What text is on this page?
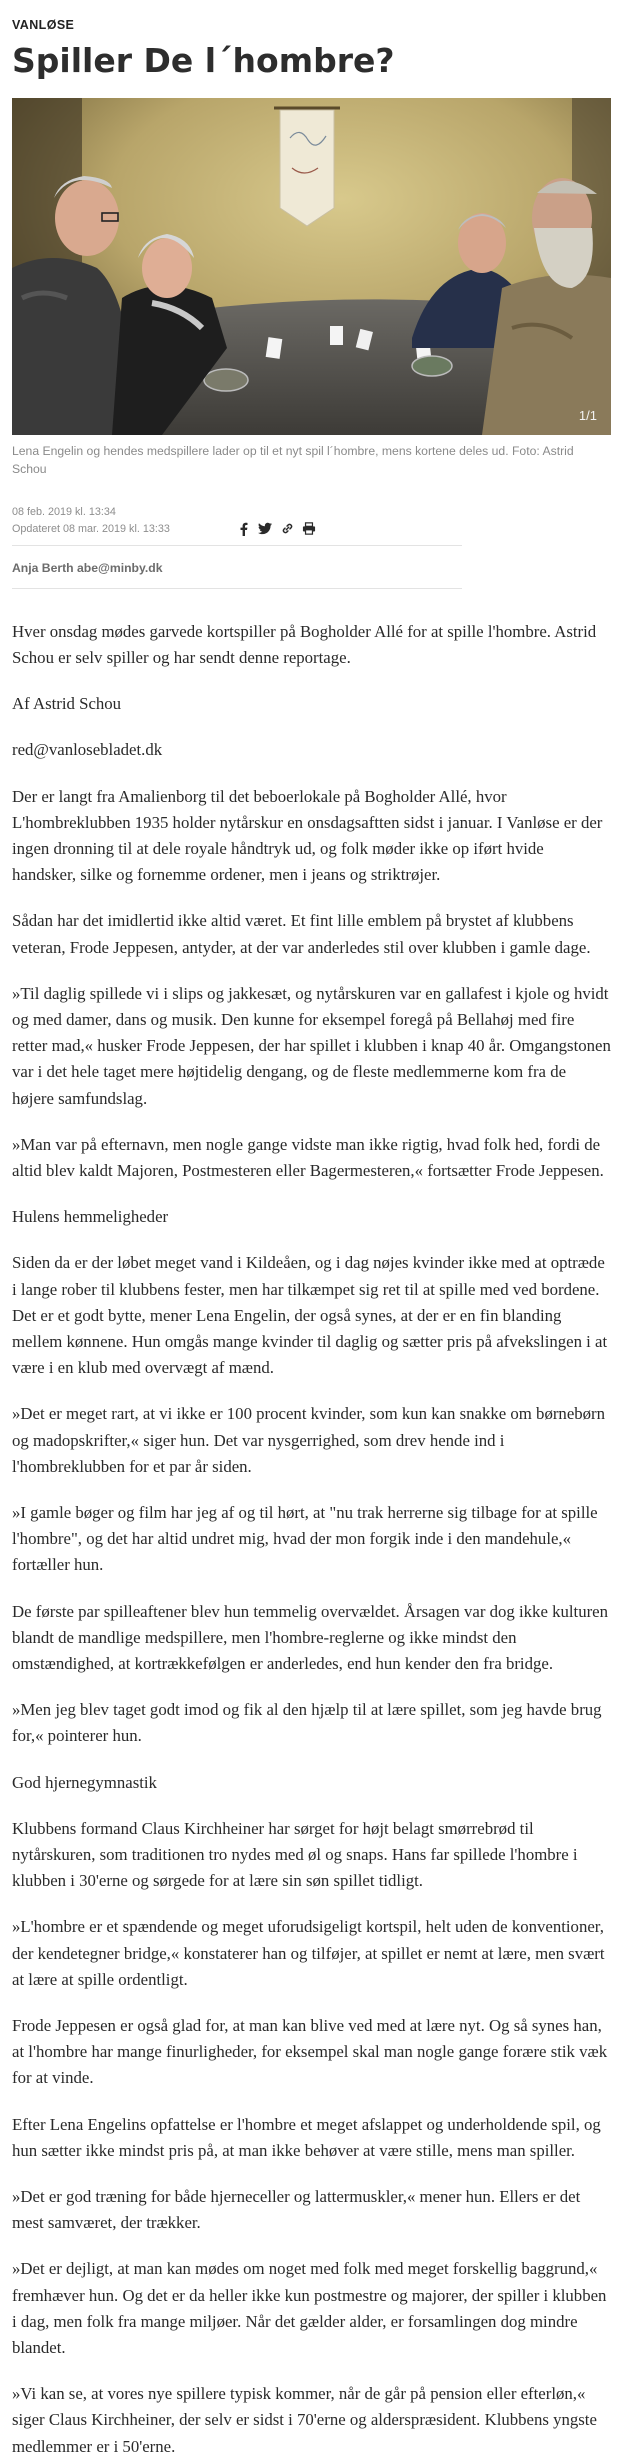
VANLØSE
Spiller De l´hombre?
1/1
Lena Engelin og hendes medspillere lader op til et nyt spil l´hombre, mens kortene deles ud. Foto: Astrid Schou
08 feb. 2019 kl. 13:34
Opdateret 08 mar. 2019 kl. 13:33
Anja Berth abe@minby.dk

Hver onsdag mødes garvede kortspiller på Bogholder Allé for at spille l'hombre. Astrid Schou er selv spiller og har sendt denne reportage.

Af Astrid Schou

red@vanlosebladet.dk

Der er langt fra Amalienborg til det beboerlokale på Bogholder Allé, hvor L'hombreklubben 1935 holder nytårskur en onsdagsaftten sidst i januar. I Vanløse er der ingen dronning til at dele royale håndtryk ud, og folk møder ikke op iført hvide handsker, silke og fornemme ordener, men i jeans og striktrøjer.

Sådan har det imidlertid ikke altid været. Et fint lille emblem på brystet af klubbens veteran, Frode Jeppesen, antyder, at der var anderledes stil over klubben i gamle dage.

»Til daglig spillede vi i slips og jakkesæt, og nytårskuren var en gallafest i kjole og hvidt og med damer, dans og musik. Den kunne for eksempel foregå på Bellahøj med fire retter mad,« husker Frode Jeppesen, der har spillet i klubben i knap 40 år. Omgangstonen var i det hele taget mere højtidelig dengang, og de fleste medlemmerne kom fra de højere samfundslag.

»Man var på efternavn, men nogle gange vidste man ikke rigtig, hvad folk hed, fordi de altid blev kaldt Majoren, Postmesteren eller Bagermesteren,« fortsætter Frode Jeppesen.

Hulens hemmeligheder

Siden da er der løbet meget vand i Kildeåen, og i dag nøjes kvinder ikke med at optræde i lange rober til klubbens fester, men har tilkæmpet sig ret til at spille med ved bordene. Det er et godt bytte, mener Lena Engelin, der også synes, at der er en fin blanding mellem kønnene. Hun omgås mange kvinder til daglig og sætter pris på afvekslingen i at være i en klub med overvægt af mænd.

»Det er meget rart, at vi ikke er 100 procent kvinder, som kun kan snakke om børnebørn og madopskrifter,« siger hun. Det var nysgerrighed, som drev hende ind i l'hombreklubben for et par år siden.

»I gamle bøger og film har jeg af og til hørt, at "nu trak herrerne sig tilbage for at spille l'hombre", og det har altid undret mig, hvad der mon forgik inde i den mandehule,« fortæller hun.

De første par spilleaftener blev hun temmelig overvældet. Årsagen var dog ikke kulturen blandt de mandlige medspillere, men l'hombre-reglerne og ikke mindst den omstændighed, at kortrækkefølgen er anderledes, end hun kender den fra bridge.

»Men jeg blev taget godt imod og fik al den hjælp til at lære spillet, som jeg havde brug for,« pointerer hun.

God hjernegymnastik

Klubbens formand Claus Kirchheiner har sørget for højt belagt smørrebrød til nytårskuren, som traditionen tro nydes med øl og snaps. Hans far spillede l'hombre i klubben i 30'erne og sørgede for at lære sin søn spillet tidligt.

»L'hombre er et spændende og meget uforudsigeligt kortspil, helt uden de konventioner, der kendetegner bridge,« konstaterer han og tilføjer, at spillet er nemt at lære, men svært at lære at spille ordentligt.

Frode Jeppesen er også glad for, at man kan blive ved med at lære nyt. Og så synes han, at l'hombre har mange finurligheder, for eksempel skal man nogle gange forære stik væk for at vinde.

Efter Lena Engelins opfattelse er l'hombre et meget afslappet og underholdende spil, og hun sætter ikke mindst pris på, at man ikke behøver at være stille, mens man spiller.

»Det er god træning for både hjerneceller og lattermuskler,« mener hun. Ellers er det mest samværet, der trækker.

»Det er dejligt, at man kan mødes om noget med folk med meget forskellig baggrund,« fremhæver hun. Og det er da heller ikke kun postmestre og majorer, der spiller i klubben i dag, men folk fra mange miljøer. Når det gælder alder, er forsamlingen dog mindre blandet.

»Vi kan se, at vores nye spillere typisk kommer, når de går på pension eller efterløn,« siger Claus Kirchheiner, der selv er sidst i 70'erne og alderspræsident. Klubbens yngste medlemmer er i 50'erne.
